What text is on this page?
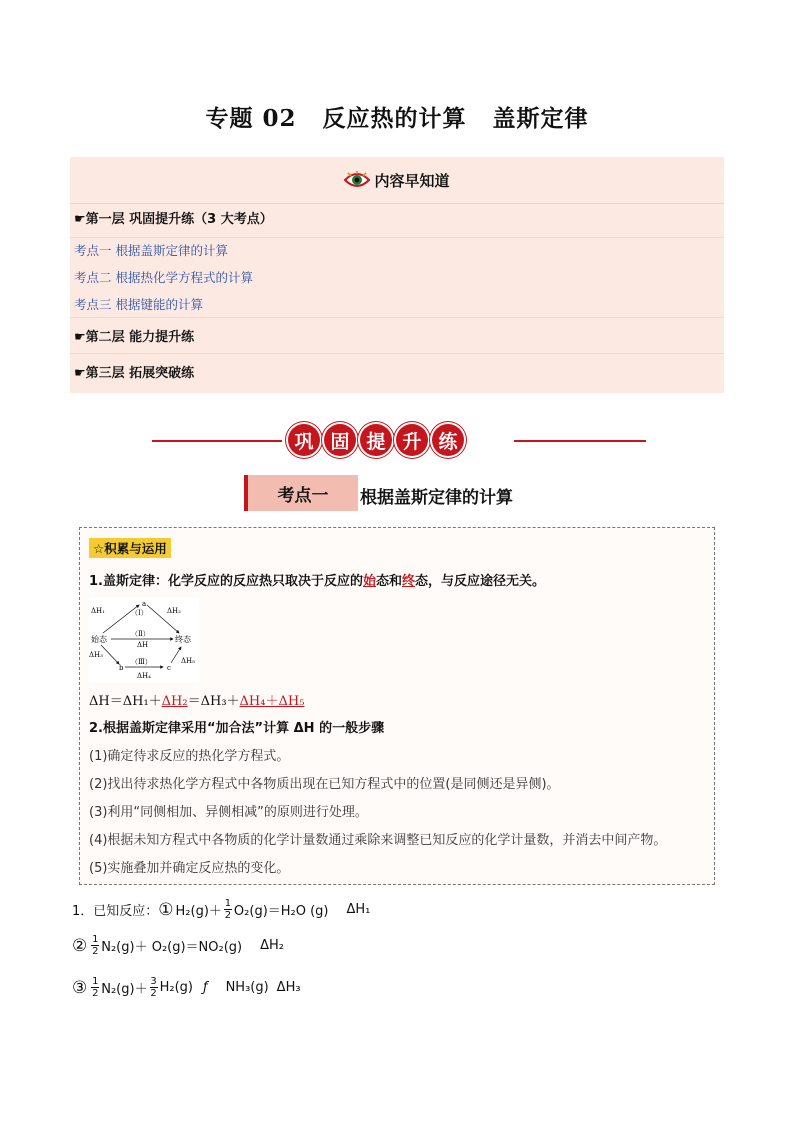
专题 02 反应热的计算 盖斯定律
内容早知道
☛第一层 巩固提升练（3 大考点）
考点一 根据盖斯定律的计算
考点二 根据热化学方程式的计算
考点三 根据键能的计算
☛第二层 能力提升练
☛第三层 拓展突破练
巩 固 提 升 练
考点一	根据盖斯定律的计算
☆积累与运用
1.盖斯定律：化学反应的反应热只取决于反应的始态和终态，与反应途径无关。
始态	终态
a
b	c
（Ⅰ）
（Ⅱ）
（Ⅲ）
ΔH
ΔH₁	ΔH₂
ΔH₃
ΔH₄
ΔH₅
ΔH＝ΔH₁＋ΔH₂＝ΔH₃＋ΔH₄＋ΔH₅
2.根据盖斯定律采用“加合法”计算 ΔH 的一般步骤
(1)确定待求反应的热化学方程式。
(2)找出待求热化学方程式中各物质出现在已知方程式中的位置(是同侧还是异侧)。
(3)利用“同侧相加、异侧相减”的原则进行处理。
(4)根据未知方程式中各物质的化学计量数通过乘除来调整已知反应的化学计量数，并消去中间产物。
(5)实施叠加并确定反应热的变化。
1．已知反应： ① $H_2(g)+ \frac{1}{2} O_2(g)=H_2O$ (g) ΔH₁
② $\frac{1}{2} N_2(g)+ O_2(g)=NO_2(g)$ ΔH₂
③ $\frac{1}{2} N_2(g)+ \frac{3}{2} H_2(g)$ ƒ NH₃(g) ΔH₃
